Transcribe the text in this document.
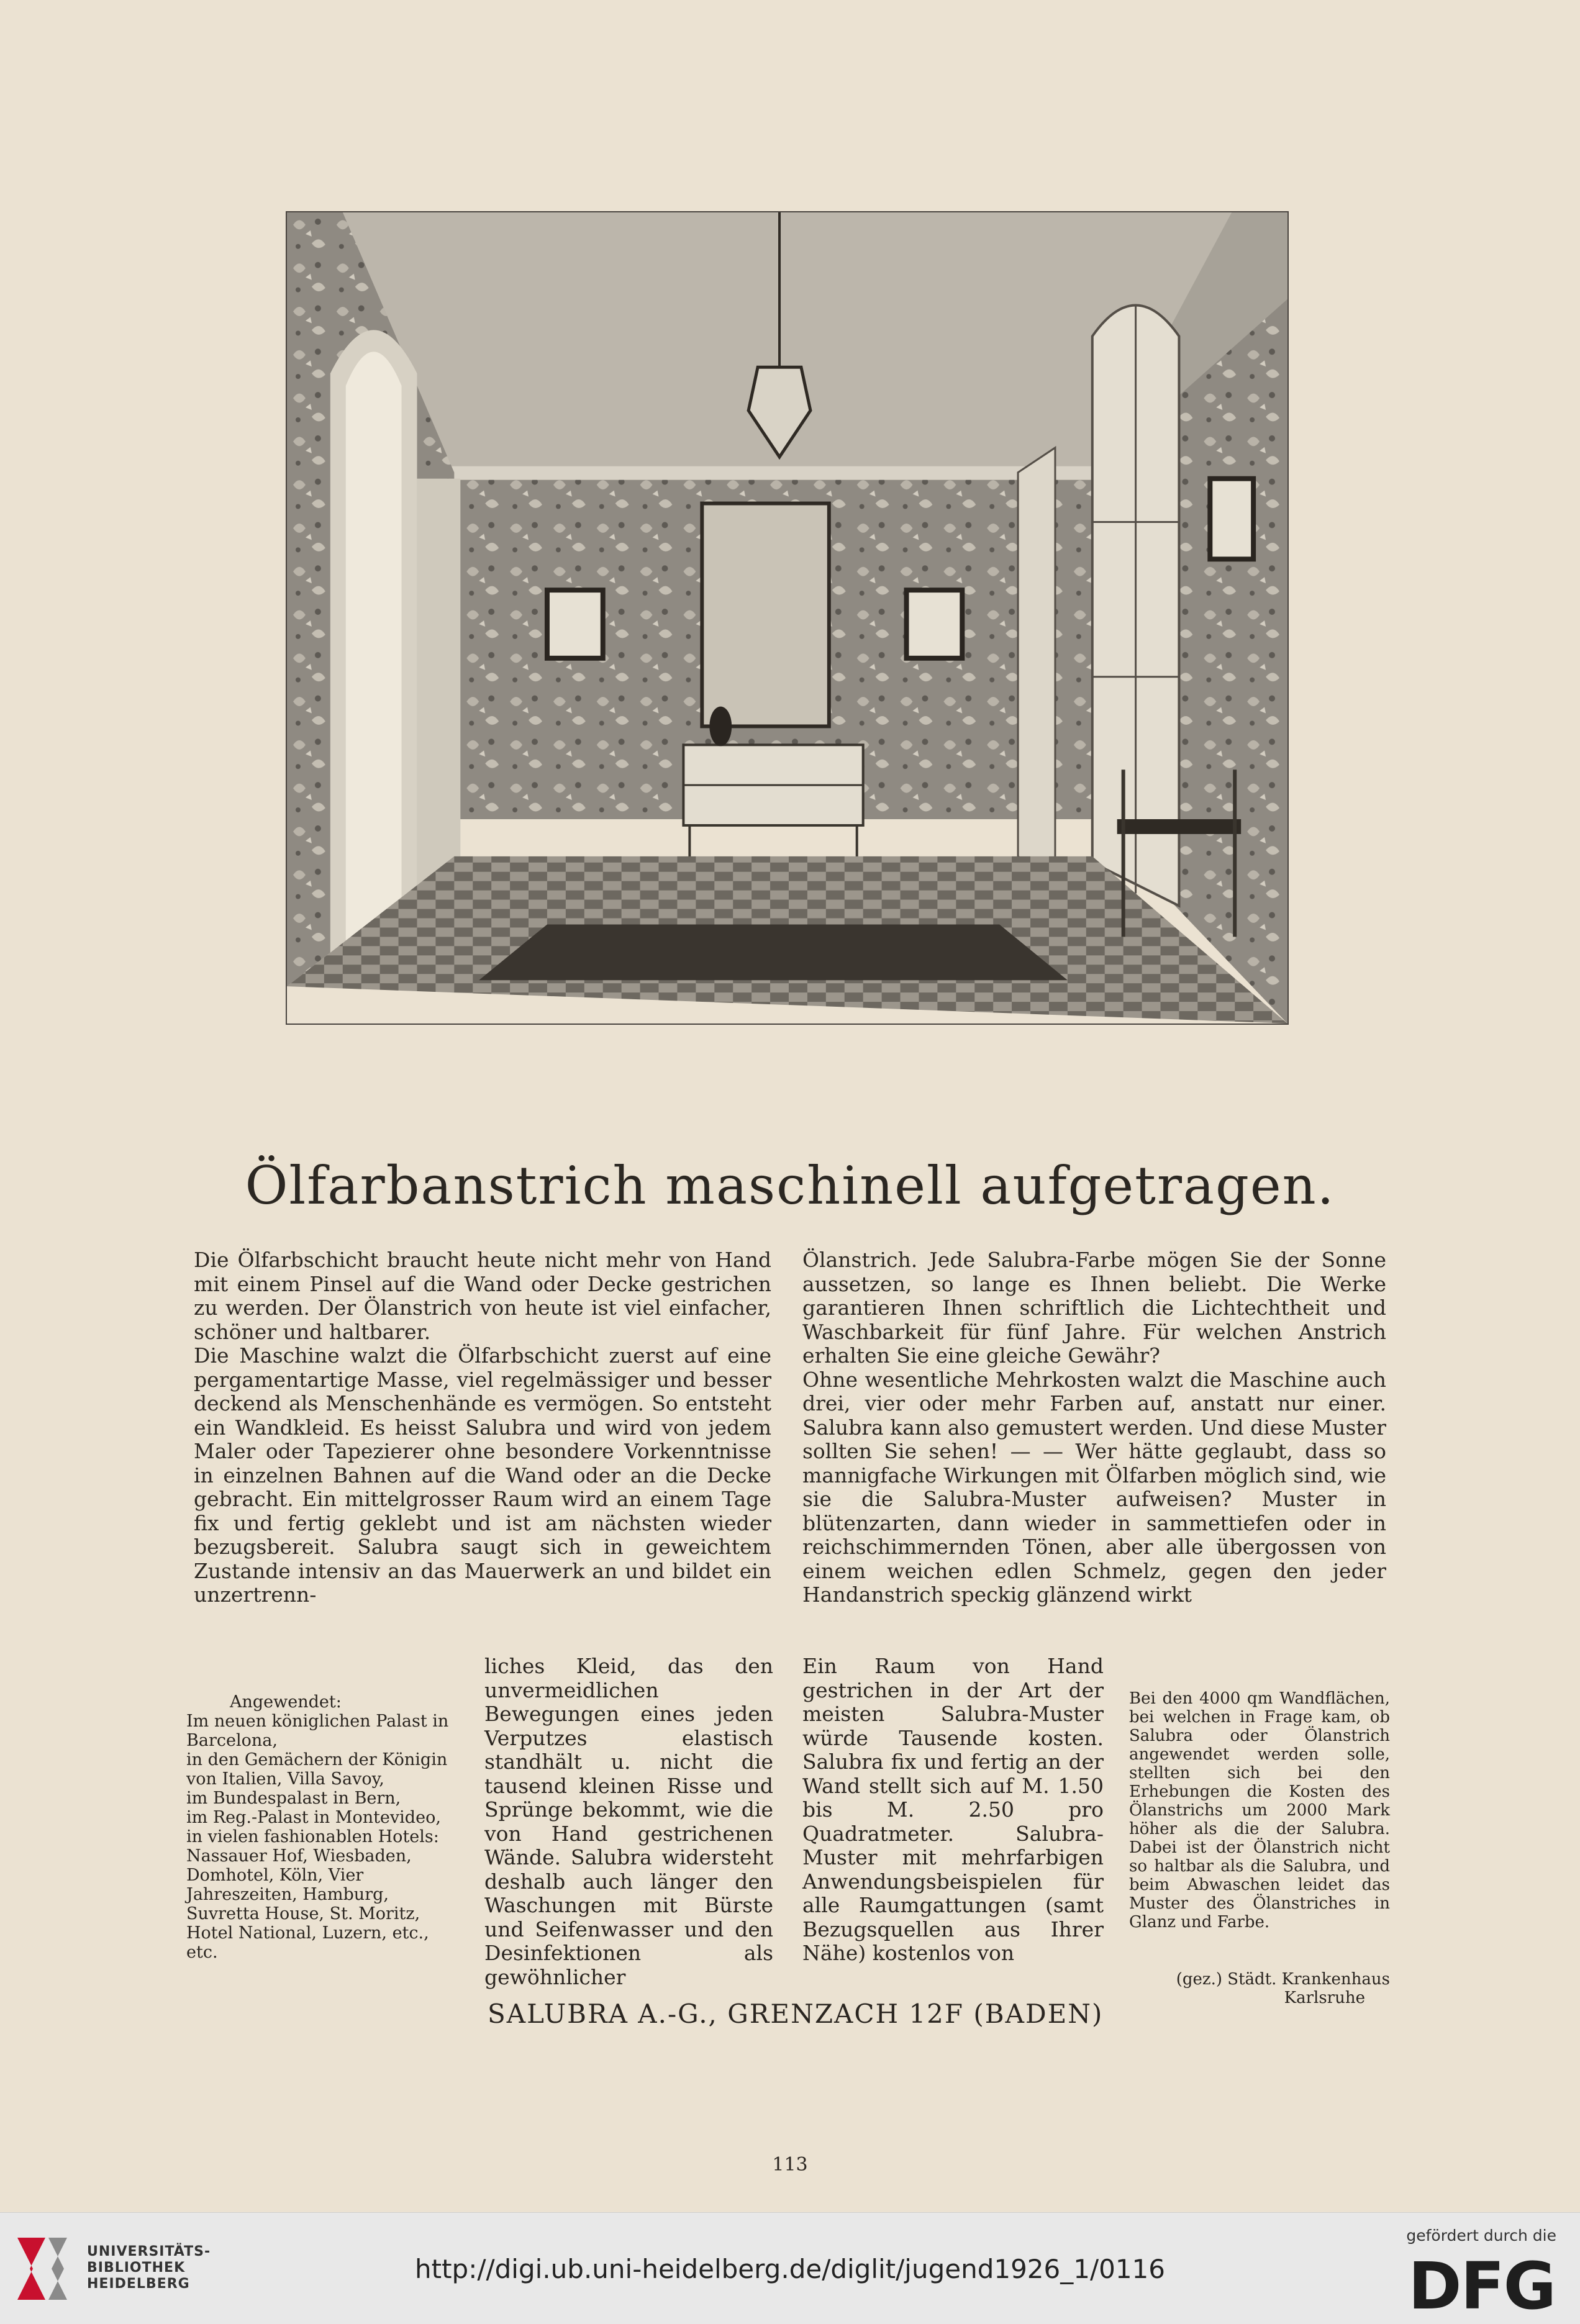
Ölfarbanstrich maschinell aufgetragen.

Die Ölfarbschicht braucht heute nicht mehr von Hand mit einem Pinsel auf die Wand oder Decke gestrichen zu werden. Der Ölanstrich von heute ist viel einfacher, schöner und haltbarer.

Die Maschine walzt die Ölfarbschicht zuerst auf eine pergamentartige Masse, viel regelmässiger und besser deckend als Menschenhände es vermögen. So entsteht ein Wandkleid. Es heisst Salubra und wird von jedem Maler oder Tapezierer ohne besondere Vorkenntnisse in einzelnen Bahnen auf die Wand oder an die Decke gebracht. Ein mittelgrosser Raum wird an einem Tage fix und fertig geklebt und ist am nächsten wieder bezugsbereit. Salubra saugt sich in geweichtem Zustande intensiv an das Mauerwerk an und bildet ein unzertrenn-

Ölanstrich. Jede Salubra-Farbe mögen Sie der Sonne aussetzen, so lange es Ihnen beliebt. Die Werke garantieren Ihnen schriftlich die Lichtechtheit und Waschbarkeit für fünf Jahre. Für welchen Anstrich erhalten Sie eine gleiche Gewähr?

Ohne wesentliche Mehrkosten walzt die Maschine auch drei, vier oder mehr Farben auf, anstatt nur einer. Salubra kann also gemustert werden. Und diese Muster sollten Sie sehen! — — Wer hätte geglaubt, dass so mannigfache Wirkungen mit Ölfarben möglich sind, wie sie die Salubra-Muster aufweisen? Muster in blütenzarten, dann wieder in sammettiefen oder in reichschimmernden Tönen, aber alle übergossen von einem weichen edlen Schmelz, gegen den jeder Handanstrich speckig glänzend wirkt

liches Kleid, das den unvermeidlichen Bewegungen eines jeden Verputzes elastisch standhält u. nicht die tausend kleinen Risse und Sprünge bekommt, wie die von Hand gestrichenen Wände. Salubra widersteht deshalb auch länger den Waschungen mit Bürste und Seifenwasser und den Desinfektionen als gewöhnlicher
Ein Raum von Hand gestrichen in der Art der meisten Salubra-Muster würde Tausende kosten. Salubra fix und fertig an der Wand stellt sich auf M. 1.50 bis M. 2.50 pro Quadratmeter. Salubra-Muster mit mehrfarbigen Anwendungsbeispielen für alle Raumgattungen (samt Bezugsquellen aus Ihrer Nähe) kostenlos von
Angewendet:
Im neuen königlichen Palast in Barcelona,
in den Gemächern der Königin von Italien, Villa Savoy,
im Bundespalast in Bern,
im Reg.-Palast in Montevideo,
in vielen fashionablen Hotels: Nassauer Hof, Wiesbaden, Domhotel, Köln, Vier Jahreszeiten, Hamburg, Suvretta House, St. Moritz, Hotel National, Luzern, etc., etc.
Bei den 4000 qm Wandflächen, bei welchen in Frage kam, ob Salubra oder Ölanstrich angewendet werden solle, stellten sich bei den Erhebungen die Kosten des Ölanstrichs um 2000 Mark höher als die der Salubra. Dabei ist der Ölanstrich nicht so haltbar als die Salubra, und beim Abwaschen leidet das Muster des Ölanstriches in Glanz und Farbe.
(gez.) Städt. Krankenhaus
Karlsruhe
SALUBRA A.-G., GRENZACH 12F (BADEN)
113
UNIVERSITÄTS-
BIBLIOTHEK
HEIDELBERG	http://digi.ub.uni-heidelberg.de/diglit/jugend1926_1/0116
gefördert durch die
DFG
